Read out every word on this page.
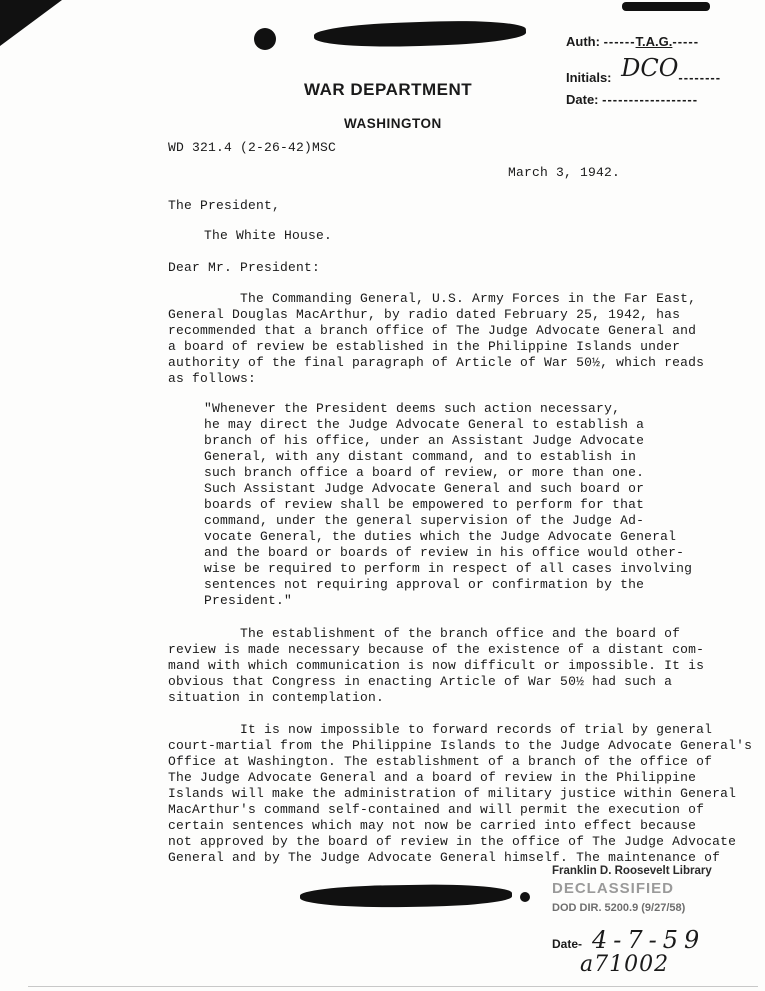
Auth: ------T.A.G.-----
Initials: DCO--------
Date: ------------------
WAR DEPARTMENT
WASHINGTON
WD 321.4 (2-26-42)MSC
March 3, 1942.
The President,
The White House.
Dear Mr. President:
The Commanding General, U.S. Army Forces in the Far East,
General Douglas MacArthur, by radio dated February 25, 1942, has
recommended that a branch office of The Judge Advocate General and
a board of review be established in the Philippine Islands under
authority of the final paragraph of Article of War 50½, which reads
as follows:
"Whenever the President deems such action necessary,
he may direct the Judge Advocate General to establish a
branch of his office, under an Assistant Judge Advocate
General, with any distant command, and to establish in
such branch office a board of review, or more than one.
Such Assistant Judge Advocate General and such board or
boards of review shall be empowered to perform for that
command, under the general supervision of the Judge Ad-
vocate General, the duties which the Judge Advocate General
and the board or boards of review in his office would other-
wise be required to perform in respect of all cases involving
sentences not requiring approval or confirmation by the
President."
The establishment of the branch office and the board of
review is made necessary because of the existence of a distant com-
mand with which communication is now difficult or impossible. It is
obvious that Congress in enacting Article of War 50½ had such a
situation in contemplation.
It is now impossible to forward records of trial by general
court-martial from the Philippine Islands to the Judge Advocate General's
Office at Washington. The establishment of a branch of the office of
The Judge Advocate General and a board of review in the Philippine
Islands will make the administration of military justice within General
MacArthur's command self-contained and will permit the execution of
certain sentences which may not now be carried into effect because
not approved by the board of review in the office of The Judge Advocate
General and by The Judge Advocate General himself. The maintenance of
Franklin D. Roosevelt Library
DECLASSIFIED
DOD DIR. 5200.9 (9/27/58)
Date- 4-7-59
a71002
